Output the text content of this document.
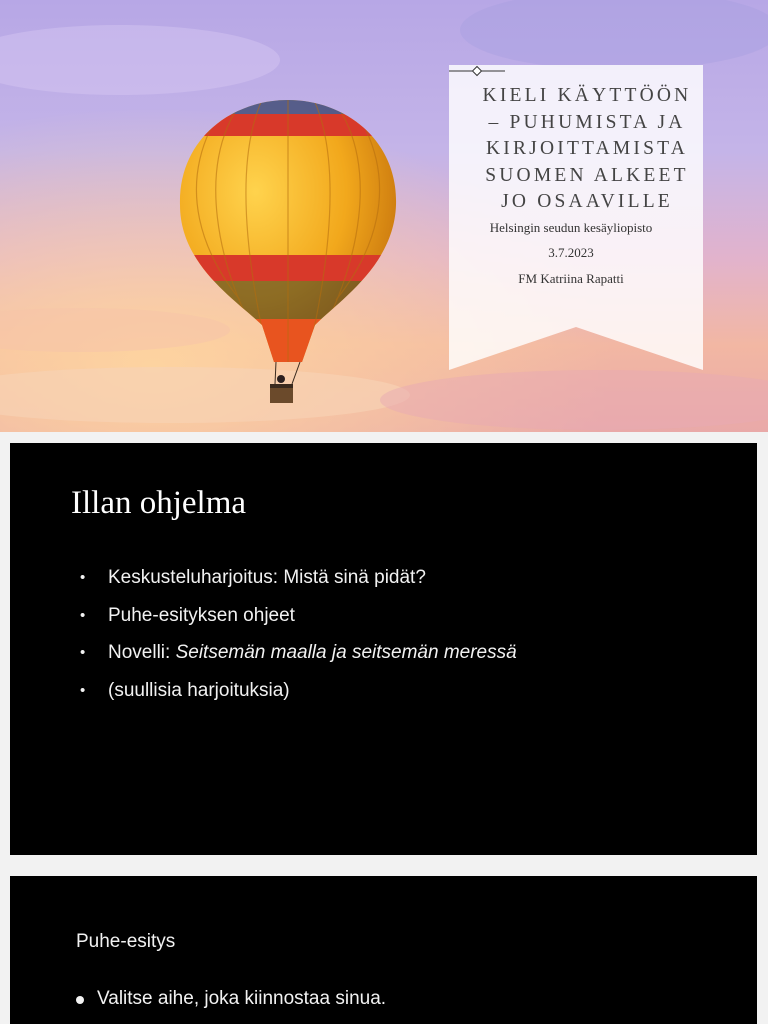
KIELI KÄYTTÖÖN
– PUHUMISTA JA
KIRJOITTAMISTA
SUOMEN ALKEET
JO OSAAVILLE
Helsingin seudun kesäyliopisto
3.7.2023
FM Katriina Rapatti
Illan ohjelma
• Keskusteluharjoitus: Mistä sinä pidät?
• Puhe-esityksen ohjeet
• Novelli: Seitsemän maalla ja seitsemän meressä
• (suullisia harjoituksia)
Puhe-esitys
Valitse aihe, joka kiinnostaa sinua.
